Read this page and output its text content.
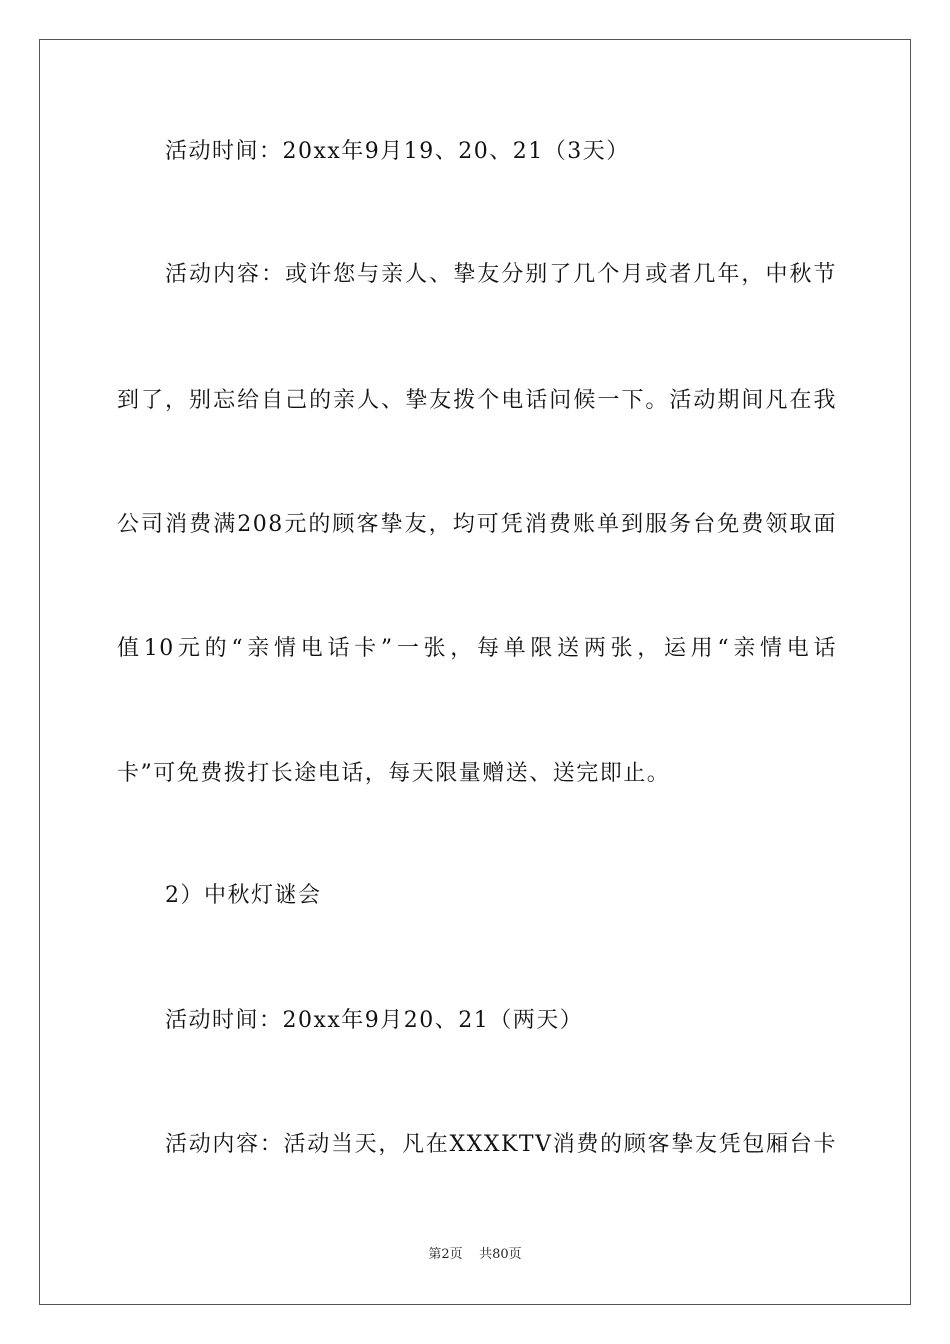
活动时间：20xx年9月19、20、21（3天）
活动内容：或许您与亲人、挚友分别了几个月或者几年，中秋节
到了，别忘给自己的亲人、挚友拨个电话问候一下。活动期间凡在我
公司消费满208元的顾客挚友，均可凭消费账单到服务台免费领取面
值10元的“亲情电话卡”一张，每单限送两张，运用“亲情电话
卡”可免费拨打长途电话，每天限量赠送、送完即止。
2）中秋灯谜会
活动时间：20xx年9月20、21（两天）
活动内容：活动当天，凡在XXXKTV消费的顾客挚友凭包厢台卡
第2页 共80页
